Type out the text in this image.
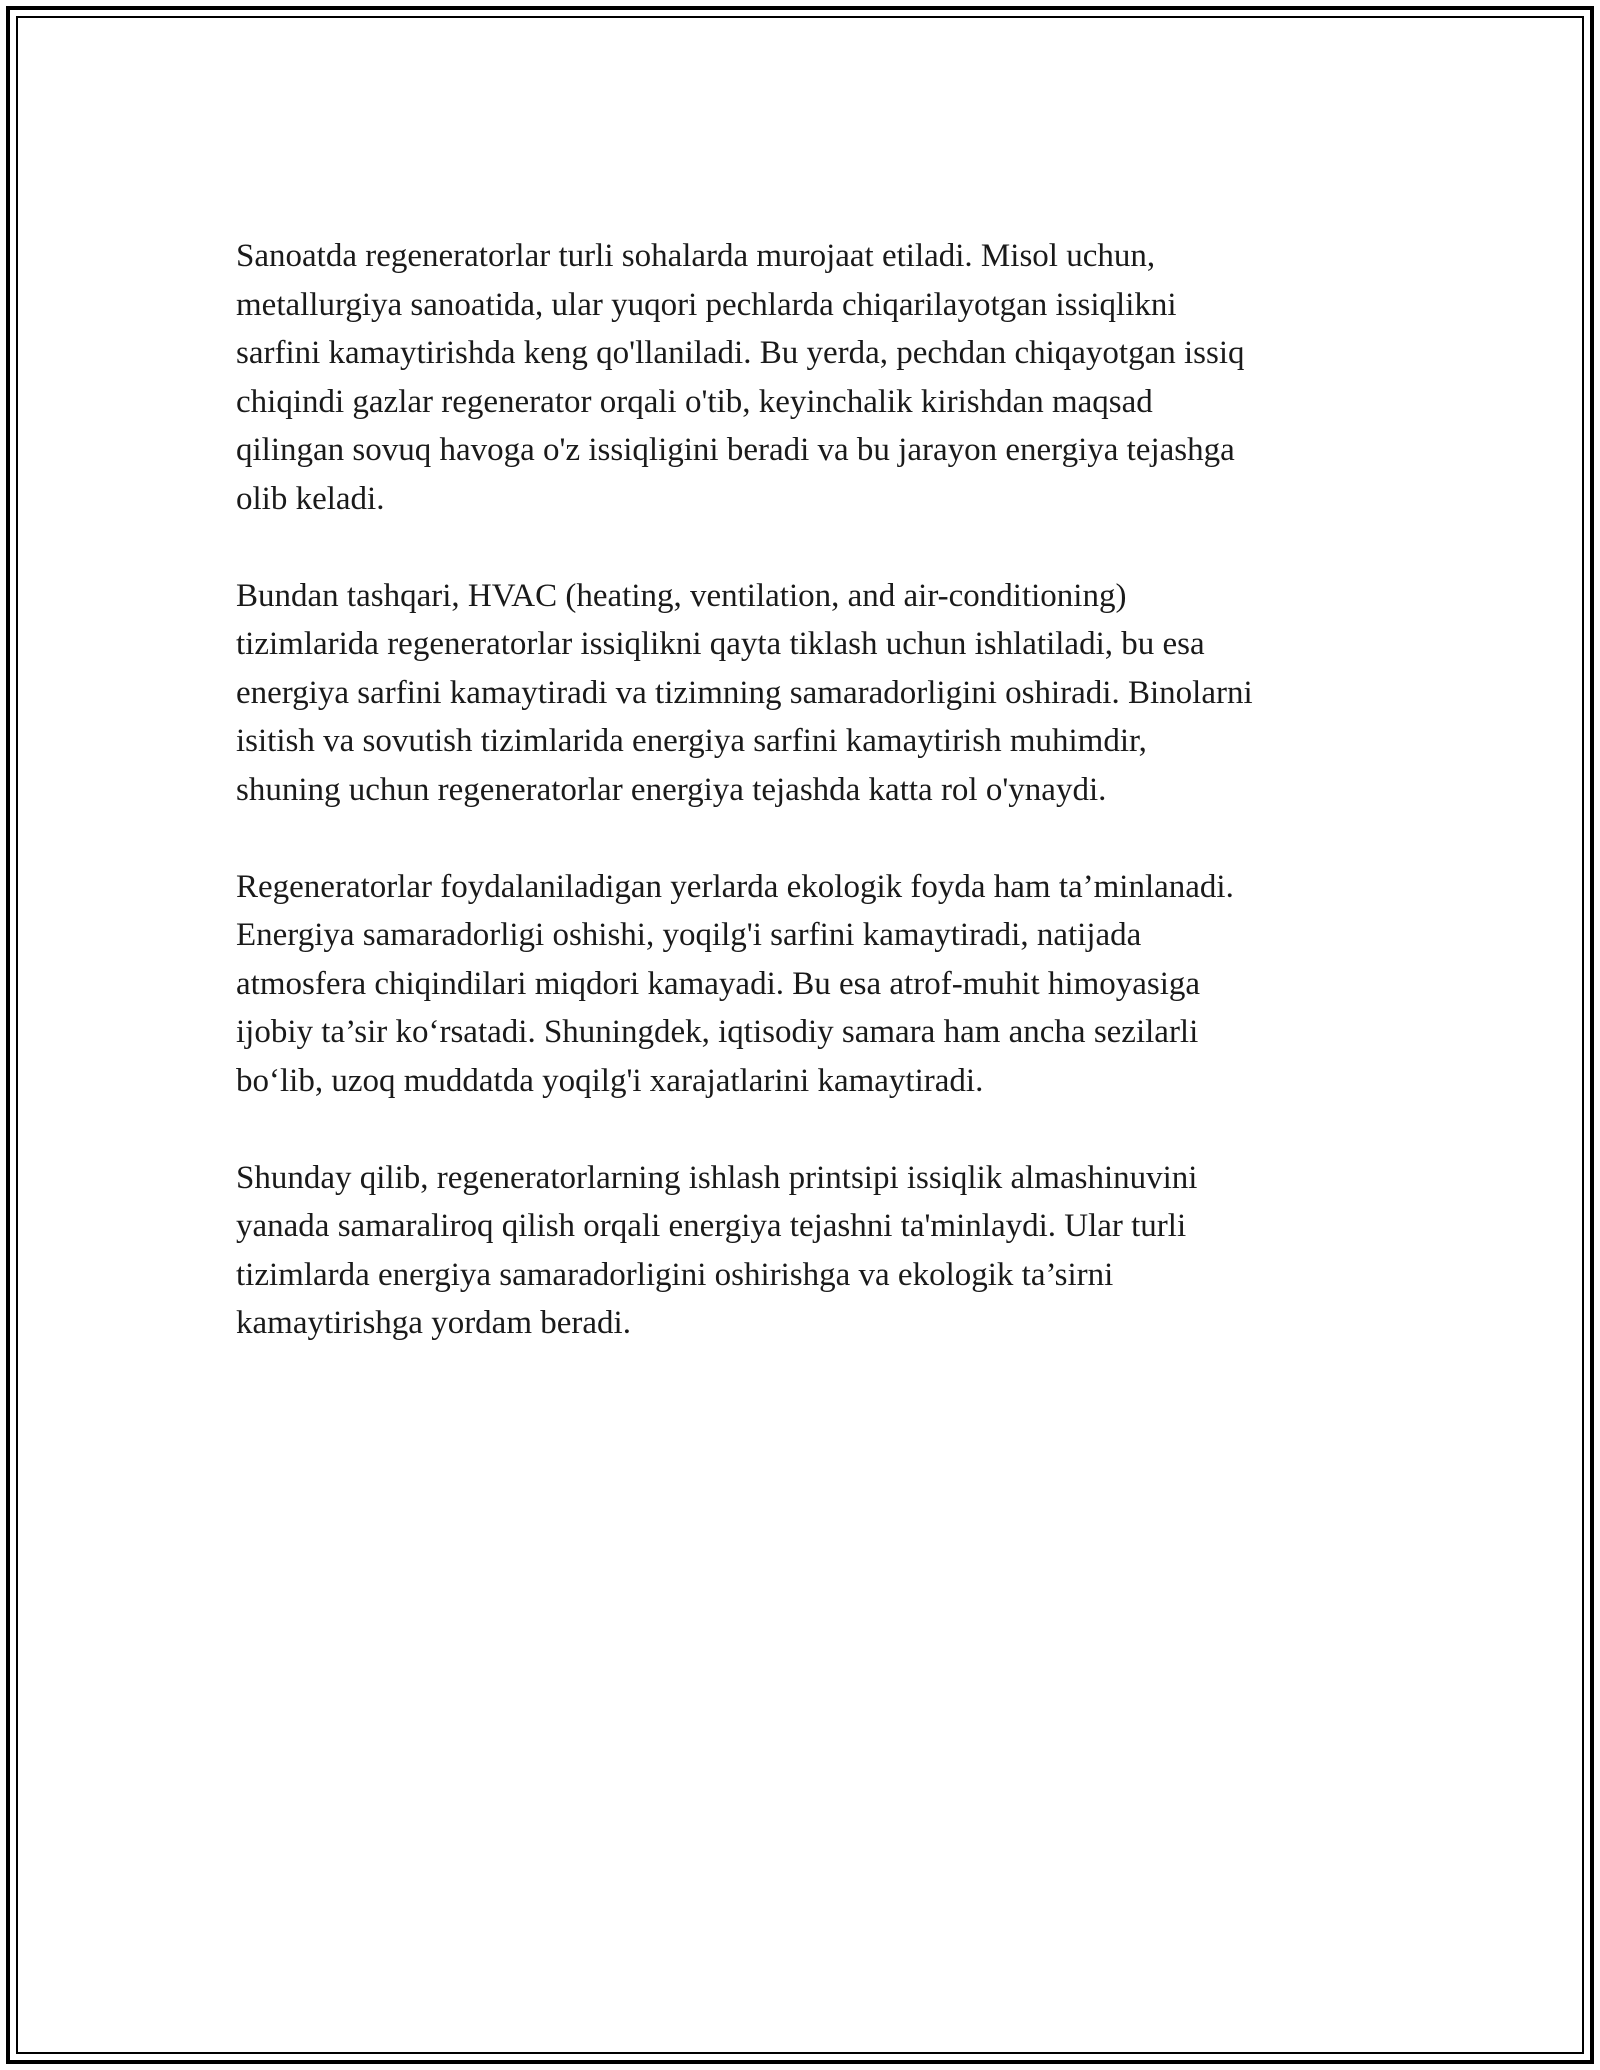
Sanoatda regeneratorlar turli sohalarda murojaat etiladi. Misol uchun,
metallurgiya sanoatida, ular yuqori pechlarda chiqarilayotgan issiqlikni
sarfini kamaytirishda keng qo'llaniladi. Bu yerda, pechdan chiqayotgan issiq
chiqindi gazlar regenerator orqali o'tib, keyinchalik kirishdan maqsad
qilingan sovuq havoga o'z issiqligini beradi va bu jarayon energiya tejashga
olib keladi.

Bundan tashqari, HVAC (heating, ventilation, and air-conditioning)
tizimlarida regeneratorlar issiqlikni qayta tiklash uchun ishlatiladi, bu esa
energiya sarfini kamaytiradi va tizimning samaradorligini oshiradi. Binolarni
isitish va sovutish tizimlarida energiya sarfini kamaytirish muhimdir,
shuning uchun regeneratorlar energiya tejashda katta rol o'ynaydi.

Regeneratorlar foydalaniladigan yerlarda ekologik foyda ham ta’minlanadi.
Energiya samaradorligi oshishi, yoqilg'i sarfini kamaytiradi, natijada
atmosfera chiqindilari miqdori kamayadi. Bu esa atrof-muhit himoyasiga
ijobiy ta’sir ko‘rsatadi. Shuningdek, iqtisodiy samara ham ancha sezilarli
bo‘lib, uzoq muddatda yoqilg'i xarajatlarini kamaytiradi.

Shunday qilib, regeneratorlarning ishlash printsipi issiqlik almashinuvini
yanada samaraliroq qilish orqali energiya tejashni ta'minlaydi. Ular turli
tizimlarda energiya samaradorligini oshirishga va ekologik ta’sirni
kamaytirishga yordam beradi.
